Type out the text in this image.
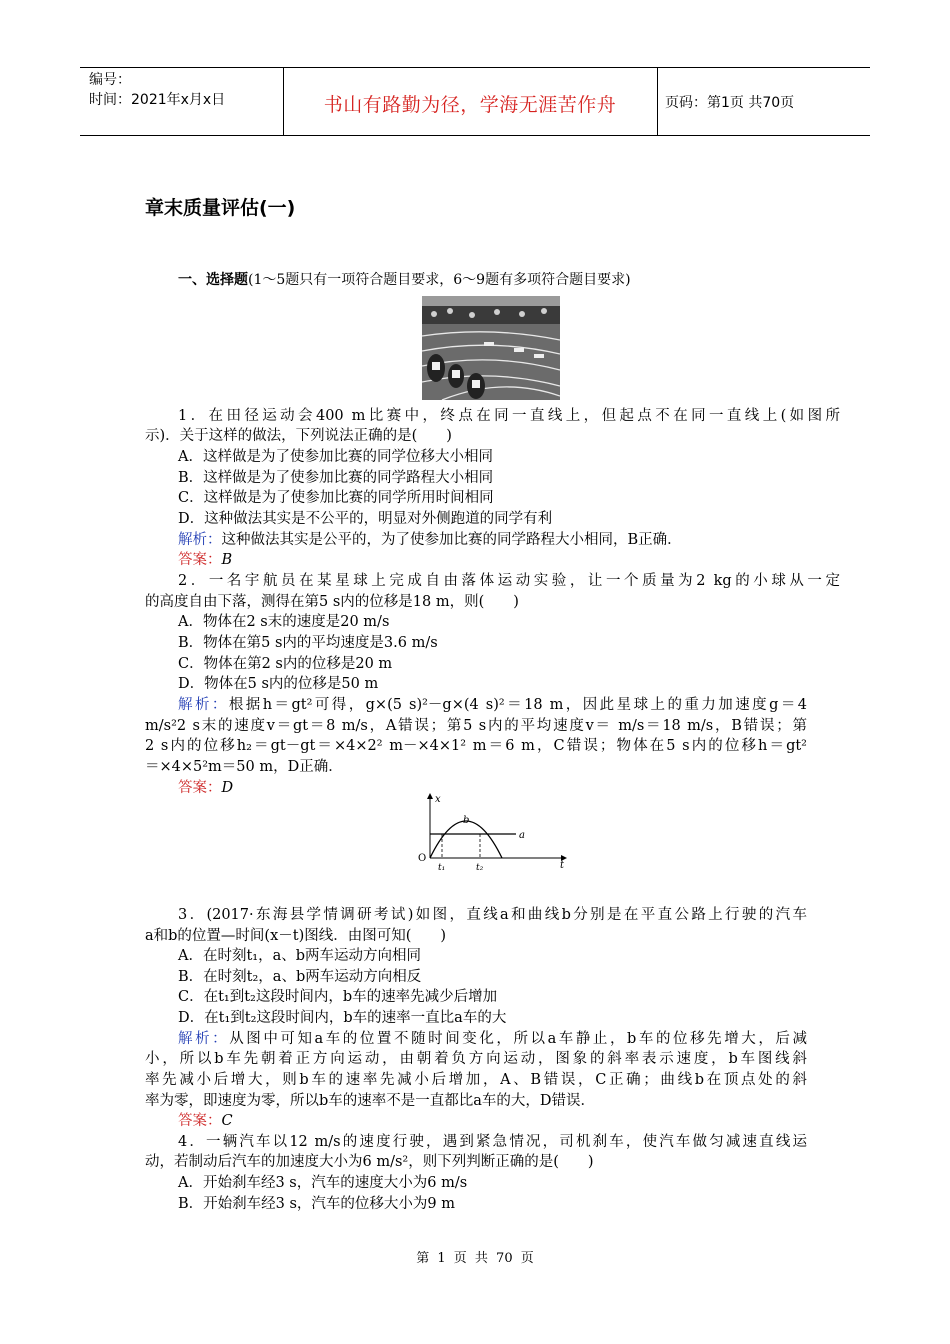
编号：
时间：2021年x月x日	书山有路勤为径，学海无涯苦作舟	页码：第1页 共70页
章末质量评估(一)
一、选择题(1～5题只有一项符合题目要求，6～9题有多项符合题目要求)
1．在田径运动会400 m比赛中，终点在同一直线上，但起点不在同一直线上(如图所
示)．关于这样的做法，下列说法正确的是(　　)
A．这样做是为了使参加比赛的同学位移大小相同
B．这样做是为了使参加比赛的同学路程大小相同
C．这样做是为了使参加比赛的同学所用时间相同
D．这种做法其实是不公平的，明显对外侧跑道的同学有利
解析：这种做法其实是公平的，为了使参加比赛的同学路程大小相同，B正确．
答案：B
2．一名宇航员在某星球上完成自由落体运动实验，让一个质量为2 kg的小球从一定
的高度自由下落，测得在第5 s内的位移是18 m，则(　　)
A．物体在2 s末的速度是20 m/s
B．物体在第5 s内的平均速度是3.6 m/s
C．物体在第2 s内的位移是20 m
D．物体在5 s内的位移是50 m
解析：根据h＝gt²可得，g×(5 s)²－g×(4 s)²＝18 m，因此星球上的重力加速度g＝4
m/s²2 s末的速度v＝gt＝8 m/s，A错误；第5 s内的平均速度v＝ m/s＝18 m/s，B错误；第
2 s内的位移h₂＝gt－gt＝×4×2² m－×4×1² m＝6 m，C错误；物体在5 s内的位移h＝gt²
＝×4×5²m＝50 m，D正确．
答案：D
x
t
O
a
b
t₁	t₂
3．(2017·东海县学情调研考试)如图，直线a和曲线b分别是在平直公路上行驶的汽车
a和b的位置—时间(x－t)图线．由图可知(　　)
A．在时刻t₁，a、b两车运动方向相同
B．在时刻t₂，a、b两车运动方向相反
C．在t₁到t₂这段时间内，b车的速率先减少后增加
D．在t₁到t₂这段时间内，b车的速率一直比a车的大
解析：从图中可知a车的位置不随时间变化，所以a车静止，b车的位移先增大，后减
小，所以b车先朝着正方向运动，由朝着负方向运动，图象的斜率表示速度，b车图线斜
率先减小后增大，则b车的速率先减小后增加，A、B错误，C正确；曲线b在顶点处的斜
率为零，即速度为零，所以b车的速率不是一直都比a车的大，D错误．
答案：C
4．一辆汽车以12 m/s的速度行驶，遇到紧急情况，司机刹车，使汽车做匀减速直线运
动，若制动后汽车的加速度大小为6 m/s²，则下列判断正确的是(　　)
A．开始刹车经3 s，汽车的速度大小为6 m/s
B．开始刹车经3 s，汽车的位移大小为9 m
第 1 页 共 70 页
